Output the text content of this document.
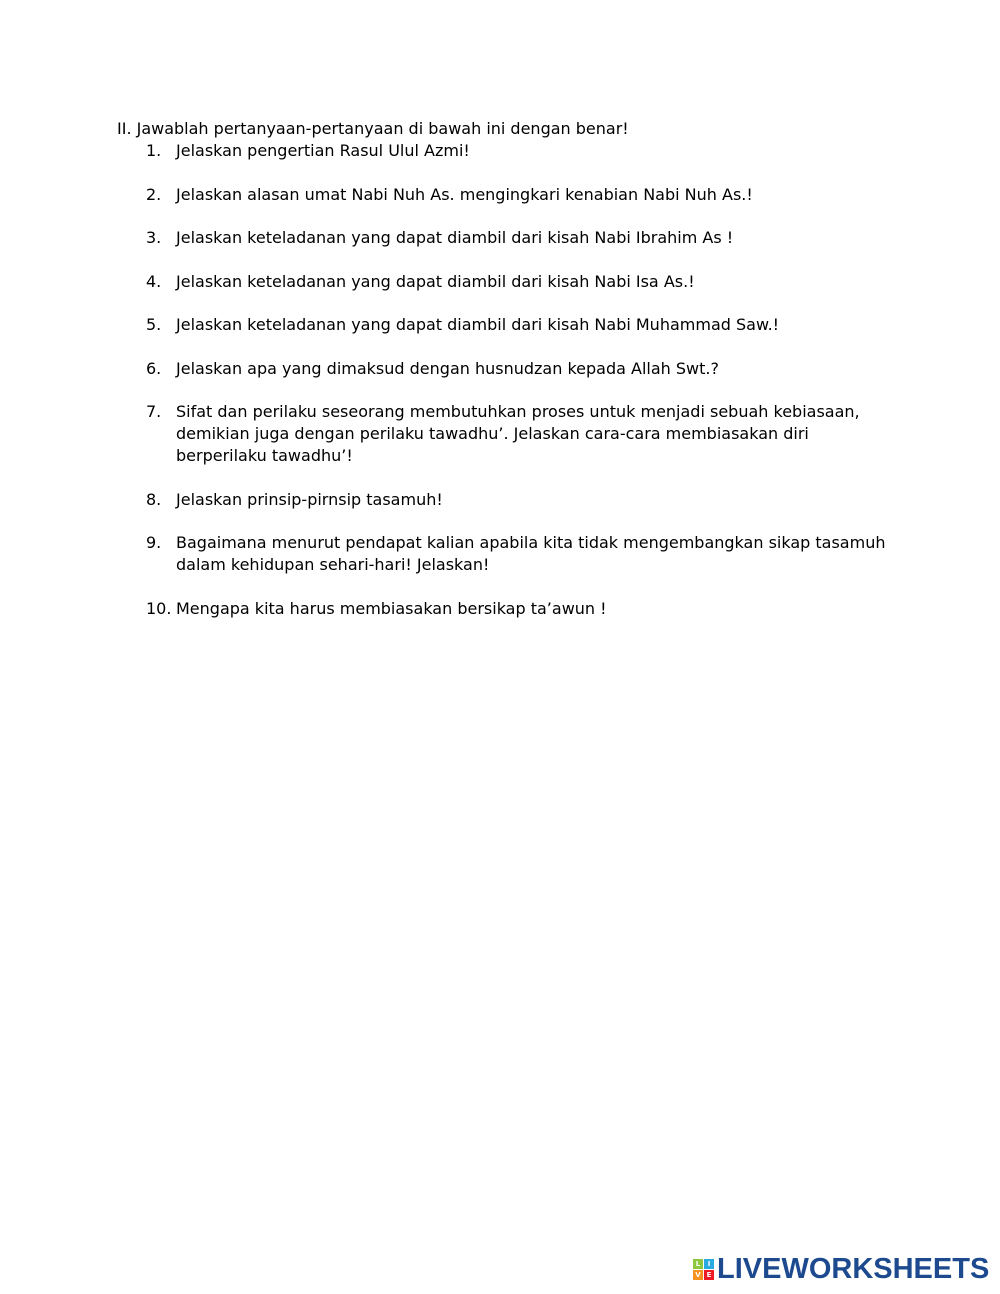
II. Jawablah pertanyaan-pertanyaan di bawah ini dengan benar!
1. Jelaskan pengertian Rasul Ulul Azmi!
2. Jelaskan alasan umat Nabi Nuh As. mengingkari kenabian Nabi Nuh As.!
3. Jelaskan keteladanan yang dapat diambil dari kisah Nabi Ibrahim As !
4. Jelaskan keteladanan yang dapat diambil dari kisah Nabi Isa As.!
5. Jelaskan keteladanan yang dapat diambil dari kisah Nabi Muhammad Saw.!
6. Jelaskan apa yang dimaksud dengan husnudzan kepada Allah Swt.?
7. Sifat dan perilaku seseorang membutuhkan proses untuk menjadi sebuah kebiasaan, demikian juga dengan perilaku tawadhu’. Jelaskan cara-cara membiasakan diri berperilaku tawadhu’!
8. Jelaskan prinsip-pirnsip tasamuh!
9. Bagaimana menurut pendapat kalian apabila kita tidak mengembangkan sikap tasamuh dalam kehidupan sehari-hari! Jelaskan!
10. Mengapa kita harus membiasakan bersikap ta’awun !
L	I
V E LIVEWORKSHEETS
